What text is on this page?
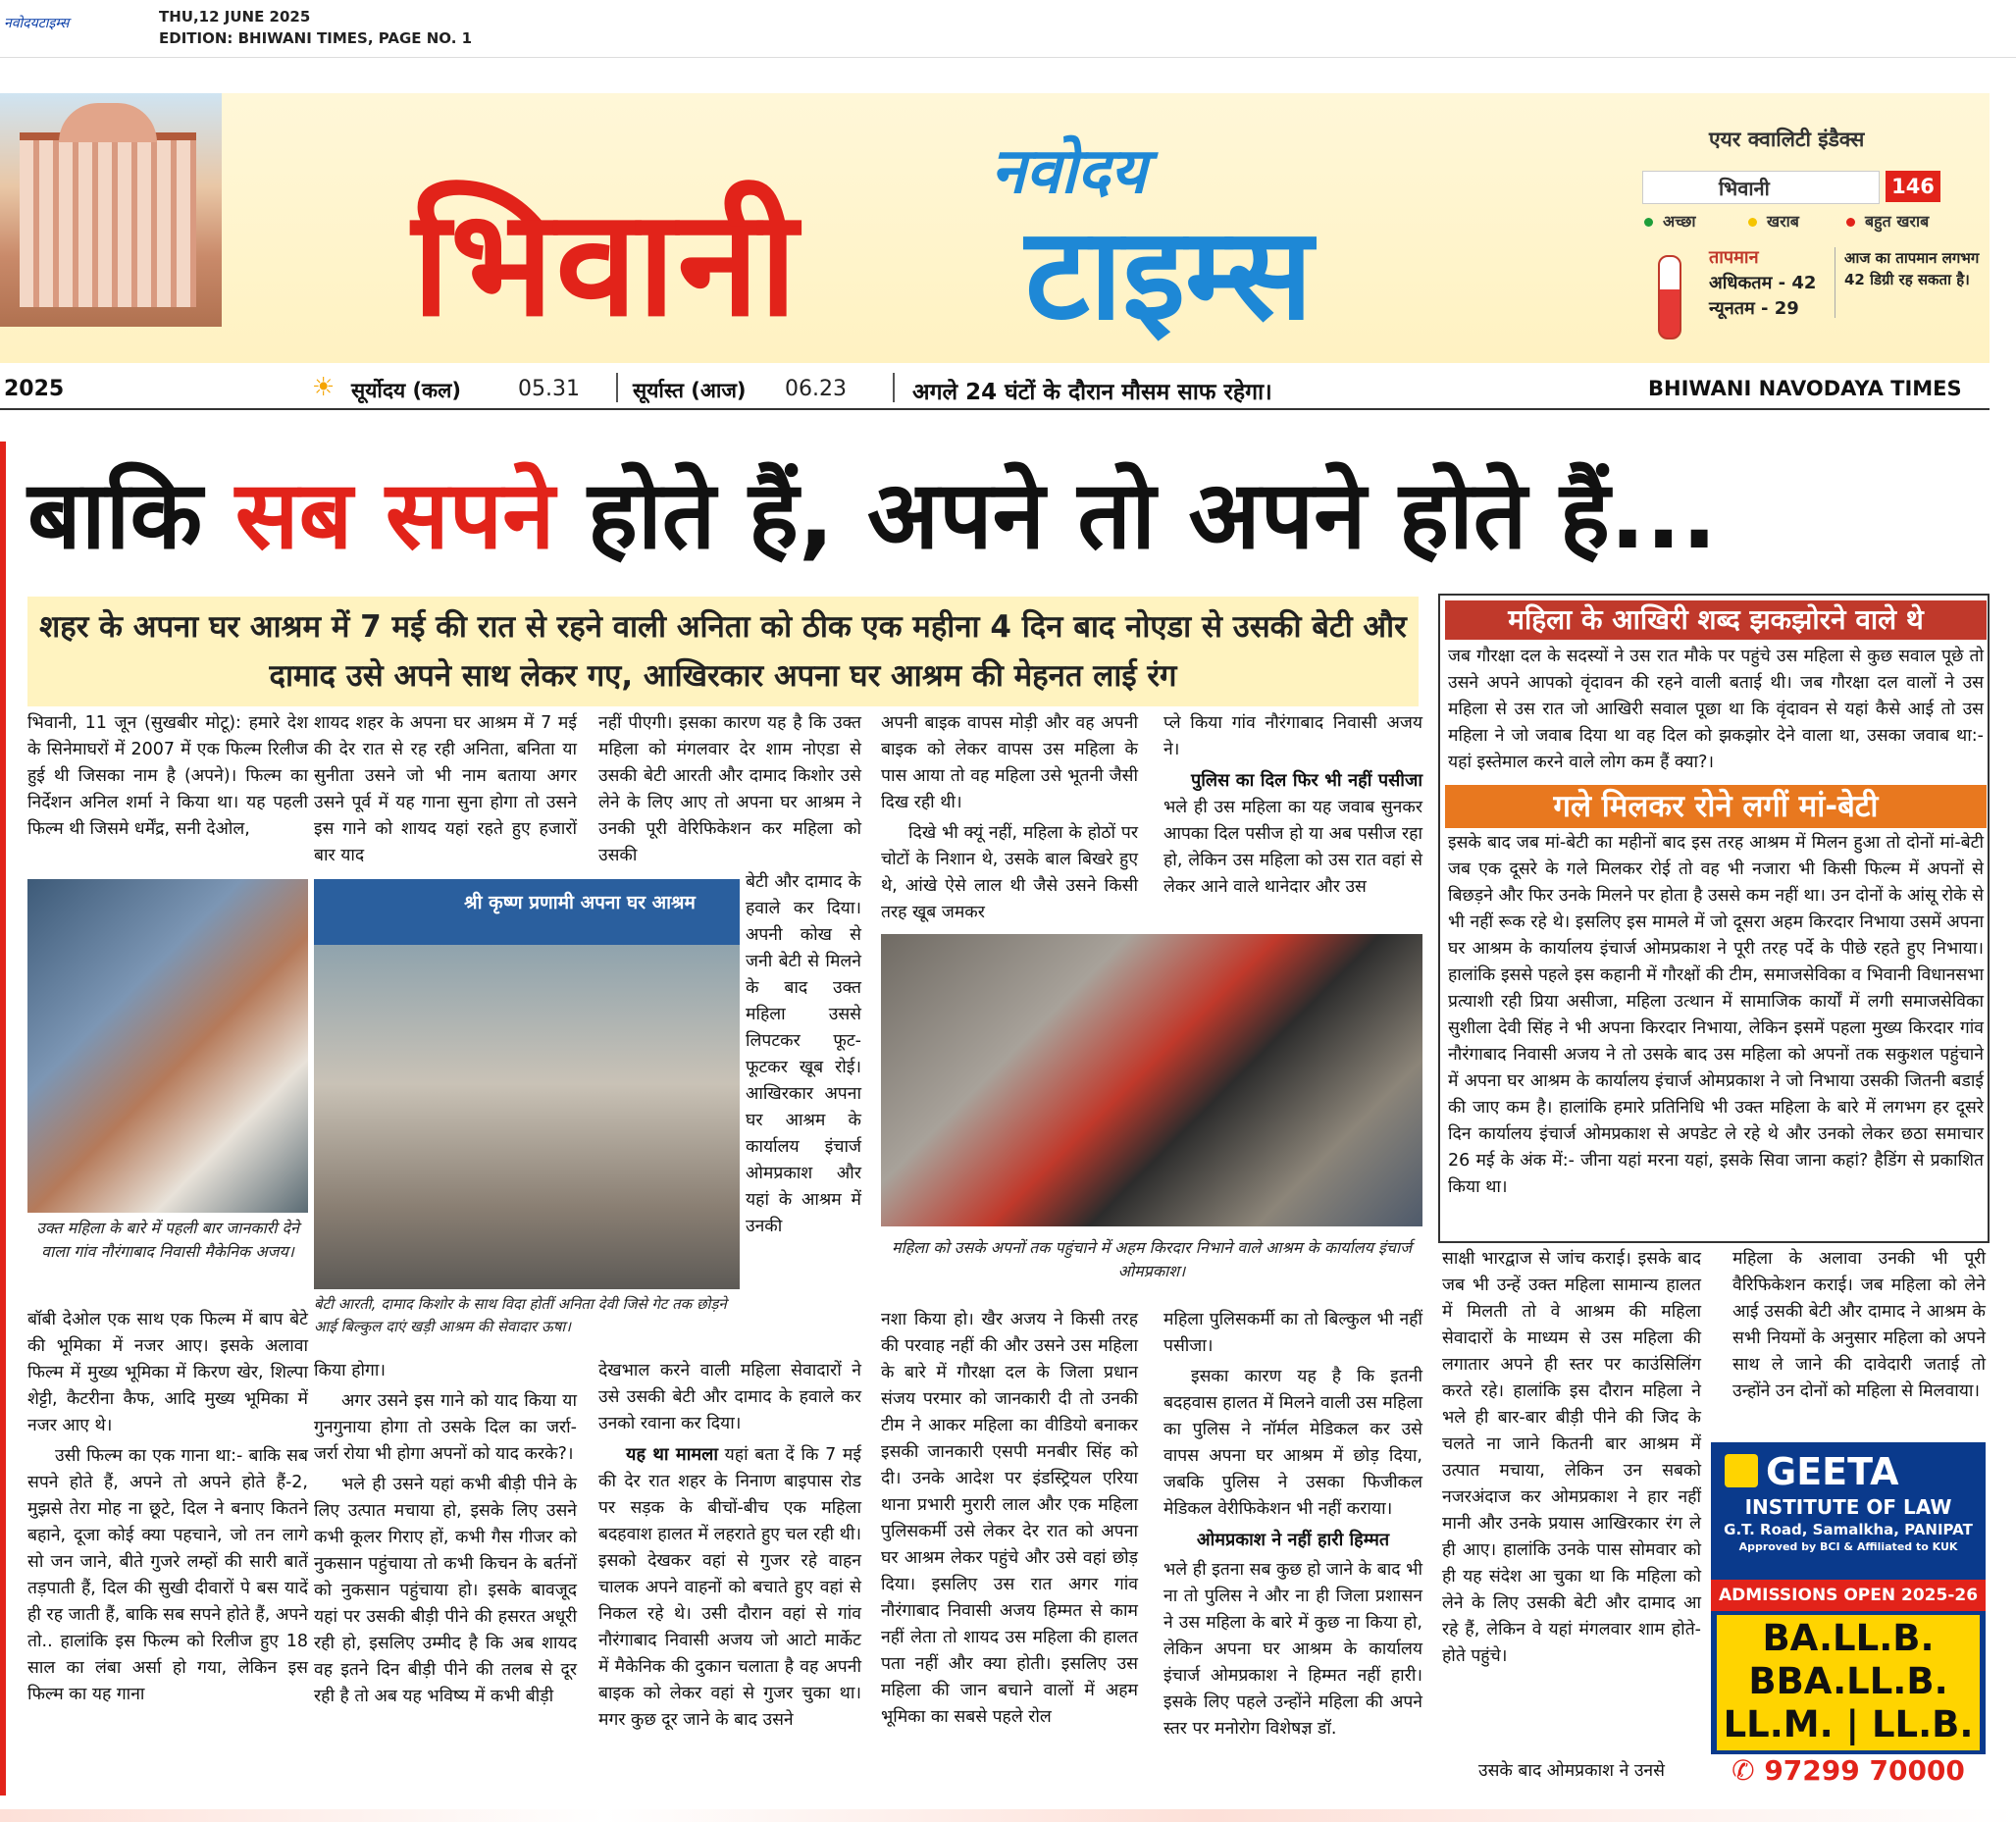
नवोदयटाइम्स	THU,12 JUNE 2025
EDITION: BHIWANI TIMES, PAGE NO. 1
नवोदय
भिवानी टाइम्स
एयर क्वालिटी इंडैक्स
भिवानी	146
अच्छा	खराब	बहुत खराब
तापमान
अधिकतम - 42
न्यूनतम - 29
आज का तापमान लगभग 42 डिग्री रह सकता है।
2025	☀ सूर्योदय (कल)	05.31	सूर्यास्त (आज) 06.23	अगले 24 घंटों के दौरान मौसम साफ रहेगा।	BHIWANI NAVODAYA TIMES
बाकि सब सपने होते हैं, अपने तो अपने होते हैं...
शहर के अपना घर आश्रम में 7 मई की रात से रहने वाली अनिता को ठीक एक महीना 4 दिन बाद नोएडा से उसकी बेटी और दामाद उसे अपने साथ लेकर गए, आखिरकार अपना घर आश्रम की मेहनत लाई रंग
भिवानी, 11 जून (सुखबीर मोटू): हमारे देश के सिनेमाघरों में 2007 में एक फिल्म रिलीज हुई थी जिसका नाम है (अपने)। फिल्म का निर्देशन अनिल शर्मा ने किया था। यह पहली फिल्म थी जिसमे धर्मेंद्र, सनी देओल,
उक्त महिला के बारे में पहली बार जानकारी देने वाला गांव नौरंगाबाद निवासी मैकेनिक अजय।

बॉबी देओल एक साथ एक फिल्म में बाप बेटे की भूमिका में नजर आए। इसके अलावा फिल्म में मुख्य भूमिका में किरण खेर, शिल्पा शेट्टी, कैटरीना कैफ, आदि मुख्य भूमिका में नजर आए थे।

उसी फिल्म का एक गाना था:- बाकि सब सपने होते हैं, अपने तो अपने होते हैं-2, मुझसे तेरा मोह ना छूटे, दिल ने बनाए कितने बहाने, दूजा कोई क्या पहचाने, जो तन लागे सो जन जाने, बीते गुजरे लम्हों की सारी बातें तड़पाती हैं, दिल की सुखी दीवारों पे बस यादें ही रह जाती हैं, बाकि सब सपने होते हैं, अपने तो.. हालांकि इस फिल्म को रिलीज हुए 18 साल का लंबा अर्सा हो गया, लेकिन इस फिल्म का यह गाना

शायद शहर के अपना घर आश्रम में 7 मई की देर रात से रह रही अनिता, बनिता या सुनीता उसने जो भी नाम बताया अगर उसने पूर्व में यह गाना सुना होगा तो उसने इस गाने को शायद यहां रहते हुए हजारों बार याद
श्री कृष्ण प्रणामी अपना घर आश्रम
बेटी आरती, दामाद किशोर के साथ विदा होतीं अनिता देवी जिसे गेट तक छोड़ने आई बिल्कुल दाएं खड़ी आश्रम की सेवादार ऊषा।

किया होगा।

अगर उसने इस गाने को याद किया या गुनगुनाया होगा तो उसके दिल का जर्रा-जर्रा रोया भी होगा अपनों को याद करके?।

भले ही उसने यहां कभी बीड़ी पीने के लिए उत्पात मचाया हो, इसके लिए उसने कभी कूलर गिराए हों, कभी गैस गीजर को नुकसान पहुंचाया तो कभी किचन के बर्तनों को नुकसान पहुंचाया हो। इसके बावजूद यहां पर उसकी बीड़ी पीने की हसरत अधूरी रही हो, इसलिए उम्मीद है कि अब शायद वह इतने दिन बीड़ी पीने की तलब से दूर रही है तो अब यह भविष्य में कभी बीड़ी

नहीं पीएगी। इसका कारण यह है कि उक्त महिला को मंगलवार देर शाम नोएडा से उसकी बेटी आरती और दामाद किशोर उसे लेने के लिए आए तो अपना घर आश्रम ने उनकी पूरी वेरिफिकेशन कर महिला को उसकी
बेटी और दामाद के हवाले कर दिया। अपनी कोख से जनी बेटी से मिलने के बाद उक्त महिला उससे लिपटकर फूट-फूटकर खूब रोई। आखिरकार अपना घर आश्रम के कार्यालय इंचार्ज ओमप्रकाश और यहां के आश्रम में उनकी

देखभाल करने वाली महिला सेवादारों ने उसे उसकी बेटी और दामाद के हवाले कर उनको रवाना कर दिया।

यह था मामला यहां बता दें कि 7 मई की देर रात शहर के निनाण बाइपास रोड पर सड़क के बीचों-बीच एक महिला बदहवाश हालत में लहराते हुए चल रही थी। इसको देखकर वहां से गुजर रहे वाहन चालक अपने वाहनों को बचाते हुए वहां से निकल रहे थे। उसी दौरान वहां से गांव नौरंगाबाद निवासी अजय जो आटो मार्केट में मैकेनिक की दुकान चलाता है वह अपनी बाइक को लेकर वहां से गुजर चुका था। मगर कुछ दूर जाने के बाद उसने

अपनी बाइक वापस मोड़ी और वह अपनी बाइक को लेकर वापस उस महिला के पास आया तो वह महिला उसे भूतनी जैसी दिख रही थी।

दिखे भी क्यूं नहीं, महिला के होठों पर चोटों के निशान थे, उसके बाल बिखरे हुए थे, आंखे ऐसे लाल थी जैसे उसने किसी तरह खूब जमकर

महिला को उसके अपनों तक पहुंचाने में अहम किरदार निभाने वाले आश्रम के कार्यालय इंचार्ज ओमप्रकाश।
नशा किया हो। खैर अजय ने किसी तरह की परवाह नहीं की और उसने उस महिला के बारे में गौरक्षा दल के जिला प्रधान संजय परमार को जानकारी दी तो उनकी टीम ने आकर महिला का वीडियो बनाकर इसकी जानकारी एसपी मनबीर सिंह को दी। उनके आदेश पर इंडस्ट्रियल एरिया थाना प्रभारी मुरारी लाल और एक महिला पुलिसकर्मी उसे लेकर देर रात को अपना घर आश्रम लेकर पहुंचे और उसे वहां छोड़ दिया। इसलिए उस रात अगर गांव नौरंगाबाद निवासी अजय हिम्मत से काम नहीं लेता तो शायद उस महिला की हालत पता नहीं और क्या होती। इसलिए उस महिला की जान बचाने वालों में अहम भूमिका का सबसे पहले रोल

प्ले किया गांव नौरंगाबाद निवासी अजय ने।

पुलिस का दिल फिर भी नहीं पसीजा भले ही उस महिला का यह जवाब सुनकर आपका दिल पसीज हो या अब पसीज रहा हो, लेकिन उस महिला को उस रात वहां से लेकर आने वाले थानेदार और उस

महिला पुलिसकर्मी का तो बिल्कुल भी नहीं पसीजा।

इसका कारण यह है कि इतनी बदहवास हालत में मिलने वाली उस महिला का पुलिस ने नॉर्मल मेडिकल कर उसे वापस अपना घर आश्रम में छोड़ दिया, जबकि पुलिस ने उसका फिजीकल मेडिकल वेरीफिकेशन भी नहीं कराया।

ओमप्रकाश ने नहीं हारी हिम्मत

भले ही इतना सब कुछ हो जाने के बाद भी ना तो पुलिस ने और ना ही जिला प्रशासन ने उस महिला के बारे में कुछ ना किया हो, लेकिन अपना घर आश्रम के कार्यालय इंचार्ज ओमप्रकाश ने हिम्मत नहीं हारी। इसके लिए पहले उन्होंने महिला की अपने स्तर पर मनोरोग विशेषज्ञ डॉ.

महिला के आखिरी शब्द झकझोरने वाले थे
जब गौरक्षा दल के सदस्यों ने उस रात मौके पर पहुंचे उस महिला से कुछ सवाल पूछे तो उसने अपने आपको वृंदावन की रहने वाली बताई थी। जब गौरक्षा दल वालों ने उस महिला से उस रात जो आखिरी सवाल पूछा था कि वृंदावन से यहां कैसे आई तो उस महिला ने जो जवाब दिया था वह दिल को झकझोर देने वाला था, उसका जवाब था:- यहां इस्तेमाल करने वाले लोग कम हैं क्या?।
गले मिलकर रोने लगीं मां-बेटी
इसके बाद जब मां-बेटी का महीनों बाद इस तरह आश्रम में मिलन हुआ तो दोनों मां-बेटी जब एक दूसरे के गले मिलकर रोई तो वह भी नजारा भी किसी फिल्म में अपनों से बिछड़ने और फिर उनके मिलने पर होता है उससे कम नहीं था। उन दोनों के आंसू रोके से भी नहीं रूक रहे थे। इसलिए इस मामले में जो दूसरा अहम किरदार निभाया उसमें अपना घर आश्रम के कार्यालय इंचार्ज ओमप्रकाश ने पूरी तरह पर्दे के पीछे रहते हुए निभाया। हालांकि इससे पहले इस कहानी में गौरक्षों की टीम, समाजसेविका व भिवानी विधानसभा प्रत्याशी रही प्रिया असीजा, महिला उत्थान में सामाजिक कार्यों में लगी समाजसेविका सुशीला देवी सिंह ने भी अपना किरदार निभाया, लेकिन इसमें पहला मुख्य किरदार गांव नौरंगाबाद निवासी अजय ने तो उसके बाद उस महिला को अपनों तक सकुशल पहुंचाने में अपना घर आश्रम के कार्यालय इंचार्ज ओमप्रकाश ने जो निभाया उसकी जितनी बडाई की जाए कम है। हालांकि हमारे प्रतिनिधि भी उक्त महिला के बारे में लगभग हर दूसरे दिन कार्यालय इंचार्ज ओमप्रकाश से अपडेट ले रहे थे और उनको लेकर छठा समाचार 26 मई के अंक में:- जीना यहां मरना यहां, इसके सिवा जाना कहां? हैडिंग से प्रकाशित किया था।
साक्षी भारद्वाज से जांच कराई। इसके बाद जब भी उन्हें उक्त महिला सामान्य हालत में मिलती तो वे आश्रम की महिला सेवादारों के माध्यम से उस महिला की लगातार अपने ही स्तर पर काउंसिलिंग करते रहे। हालांकि इस दौरान महिला ने भले ही बार-बार बीड़ी पीने की जिद के चलते ना जाने कितनी बार आश्रम में उत्पात मचाया, लेकिन उन सबको नजरअंदाज कर ओमप्रकाश ने हार नहीं मानी और उनके प्रयास आखिरकार रंग ले ही आए। हालांकि उनके पास सोमवार को ही यह संदेश आ चुका था कि महिला को लेने के लिए उसकी बेटी और दामाद आ रहे हैं, लेकिन वे यहां मंगलवार शाम होते-होते पहुंचे।
उसके बाद ओमप्रकाश ने उनसे
महिला के अलावा उनकी भी पूरी वैरिफिकेशन कराई। जब महिला को लेने आई उसकी बेटी और दामाद ने आश्रम के सभी नियमों के अनुसार महिला को अपने साथ ले जाने की दावेदारी जताई तो उन्होंने उन दोनों को महिला से मिलवाया।
GEETA
INSTITUTE OF LAW
G.T. Road, Samalkha, PANIPAT
Approved by BCI & Affiliated to KUK
ADMISSIONS OPEN 2025-26
BA.LL.B.
BBA.LL.B.
LL.M. | LL.B.
✆ 97299 70000
